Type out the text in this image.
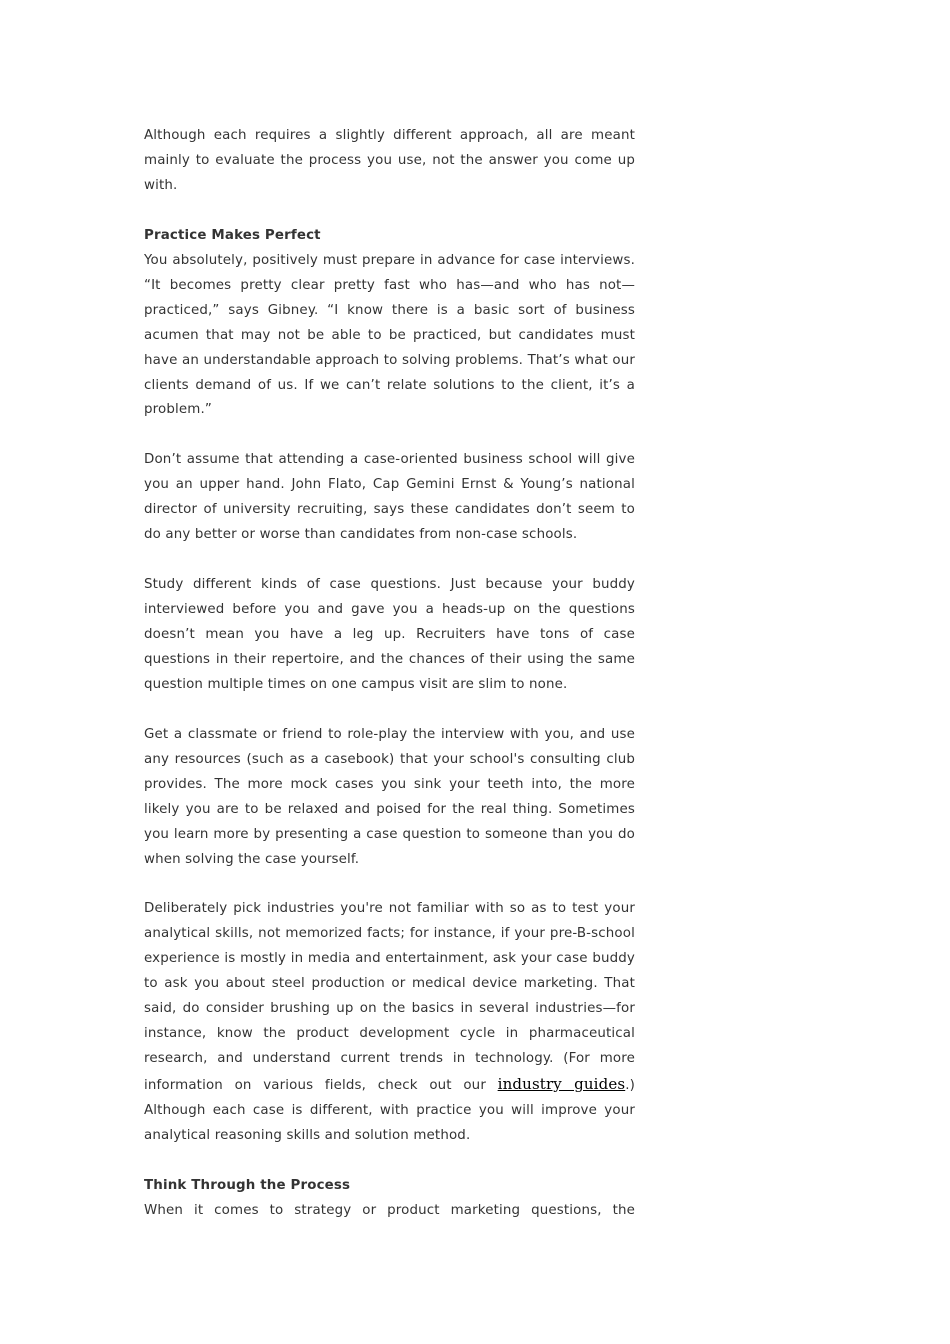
Although each requires a slightly different approach, all are meant mainly to evaluate the process you use, not the answer you come up with.

Practice Makes Perfect

You absolutely, positively must prepare in advance for case interviews. “It becomes pretty clear pretty fast who has—and who has not—practiced,” says Gibney. “I know there is a basic sort of business acumen that may not be able to be practiced, but candidates must have an understandable approach to solving problems. That’s what our clients demand of us. If we can’t relate solutions to the client, it’s a problem.”

Don’t assume that attending a case-oriented business school will give you an upper hand. John Flato, Cap Gemini Ernst & Young’s national director of university recruiting, says these candidates don’t seem to do any better or worse than candidates from non-case schools.

Study different kinds of case questions. Just because your buddy interviewed before you and gave you a heads-up on the questions doesn’t mean you have a leg up. Recruiters have tons of case questions in their repertoire, and the chances of their using the same question multiple times on one campus visit are slim to none.

Get a classmate or friend to role-play the interview with you, and use any resources (such as a casebook) that your school's consulting club provides. The more mock cases you sink your teeth into, the more likely you are to be relaxed and poised for the real thing. Sometimes you learn more by presenting a case question to someone than you do when solving the case yourself.

Deliberately pick industries you're not familiar with so as to test your analytical skills, not memorized facts; for instance, if your pre-B-school experience is mostly in media and entertainment, ask your case buddy to ask you about steel production or medical device marketing. That said, do consider brushing up on the basics in several industries—for instance, know the product development cycle in pharmaceutical research, and understand current trends in technology. (For more information on various fields, check out our industry guides.) Although each case is different, with practice you will improve your analytical reasoning skills and solution method.

Think Through the Process

When it comes to strategy or product marketing questions, the
